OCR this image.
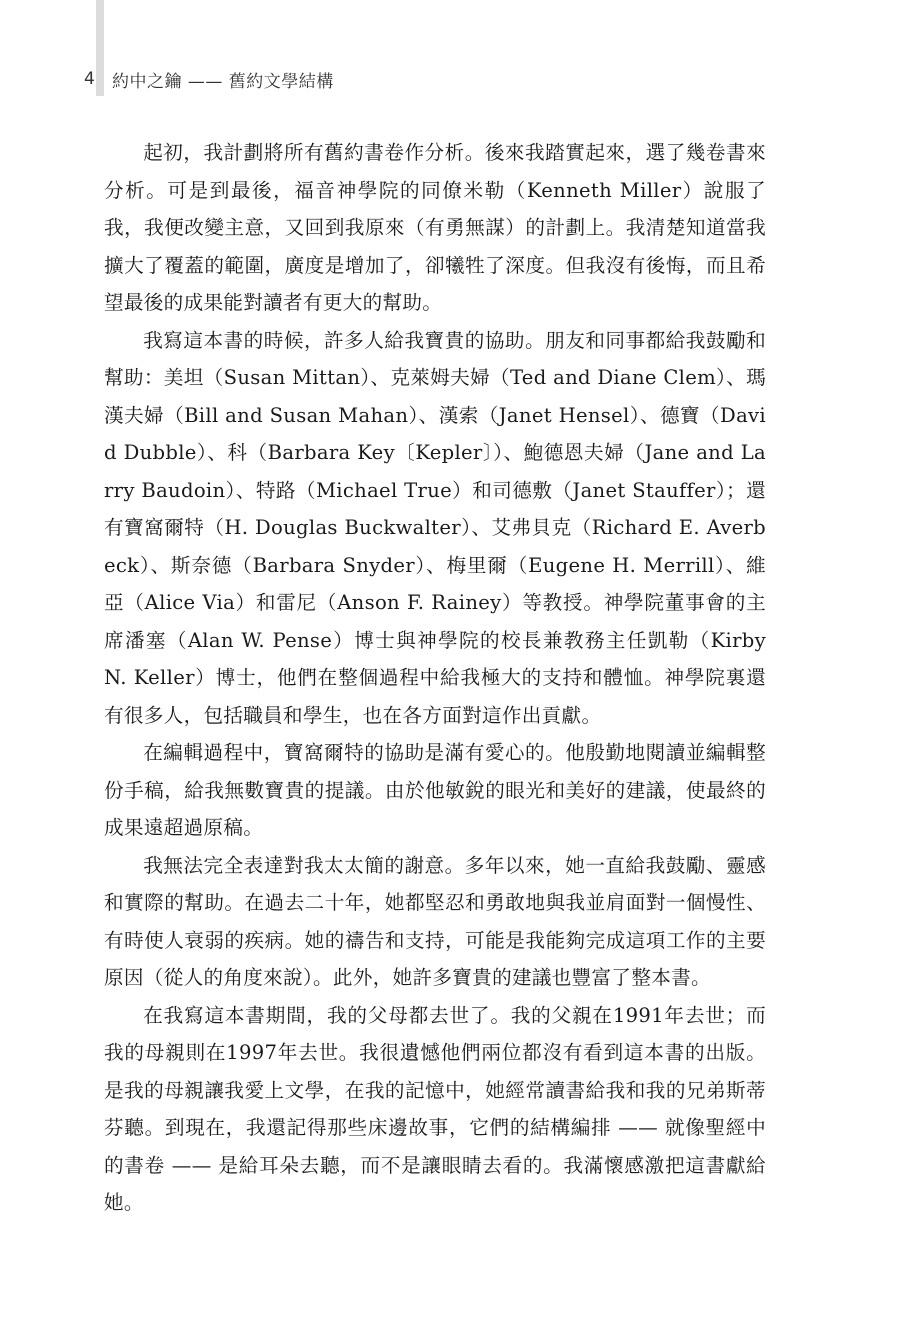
4 約中之鑰 —— 舊約文學結構

起初，我計劃將所有舊約書卷作分析。後來我踏實起來，選了幾卷書來分析。可是到最後，福音神學院的同僚米勒（Kenneth Miller）說服了我，我便改變主意，又回到我原來（有勇無謀）的計劃上。我清楚知道當我擴大了覆蓋的範圍，廣度是增加了，卻犧牲了深度。但我沒有後悔，而且希望最後的成果能對讀者有更大的幫助。

我寫這本書的時候，許多人給我寶貴的協助。朋友和同事都給我鼓勵和幫助：美坦（Susan Mittan）、克萊姆夫婦（Ted and Diane Clem）、瑪漢夫婦（Bill and Susan Mahan）、漢索（Janet Hensel）、德寶（David Dubble）、科（Barbara Key〔Kepler〕）、鮑德恩夫婦（Jane and Larry Baudoin）、特路（Michael True）和司德敷（Janet Stauffer）；還有寶窩爾特（H. Douglas Buckwalter）、艾弗貝克（Richard E. Averbeck）、斯奈德（Barbara Snyder）、梅里爾（Eugene H. Merrill）、維亞（Alice Via）和雷尼（Anson F. Rainey）等教授。神學院董事會的主席潘塞（Alan W. Pense）博士與神學院的校長兼教務主任凱勒（Kirby N. Keller）博士，他們在整個過程中給我極大的支持和體恤。神學院裏還有很多人，包括職員和學生，也在各方面對這作出貢獻。

在編輯過程中，寶窩爾特的協助是滿有愛心的。他殷勤地閱讀並編輯整份手稿，給我無數寶貴的提議。由於他敏銳的眼光和美好的建議，使最終的成果遠超過原稿。

我無法完全表達對我太太簡的謝意。多年以來，她一直給我鼓勵、靈感和實際的幫助。在過去二十年，她都堅忍和勇敢地與我並肩面對一個慢性、有時使人衰弱的疾病。她的禱告和支持，可能是我能夠完成這項工作的主要原因（從人的角度來說）。此外，她許多寶貴的建議也豐富了整本書。

在我寫這本書期間，我的父母都去世了。我的父親在1991年去世；而我的母親則在1997年去世。我很遺憾他們兩位都沒有看到這本書的出版。是我的母親讓我愛上文學，在我的記憶中，她經常讀書給我和我的兄弟斯蒂芬聽。到現在，我還記得那些床邊故事，它們的結構編排 —— 就像聖經中的書卷 —— 是給耳朵去聽，而不是讓眼睛去看的。我滿懷感激把這書獻給她。
